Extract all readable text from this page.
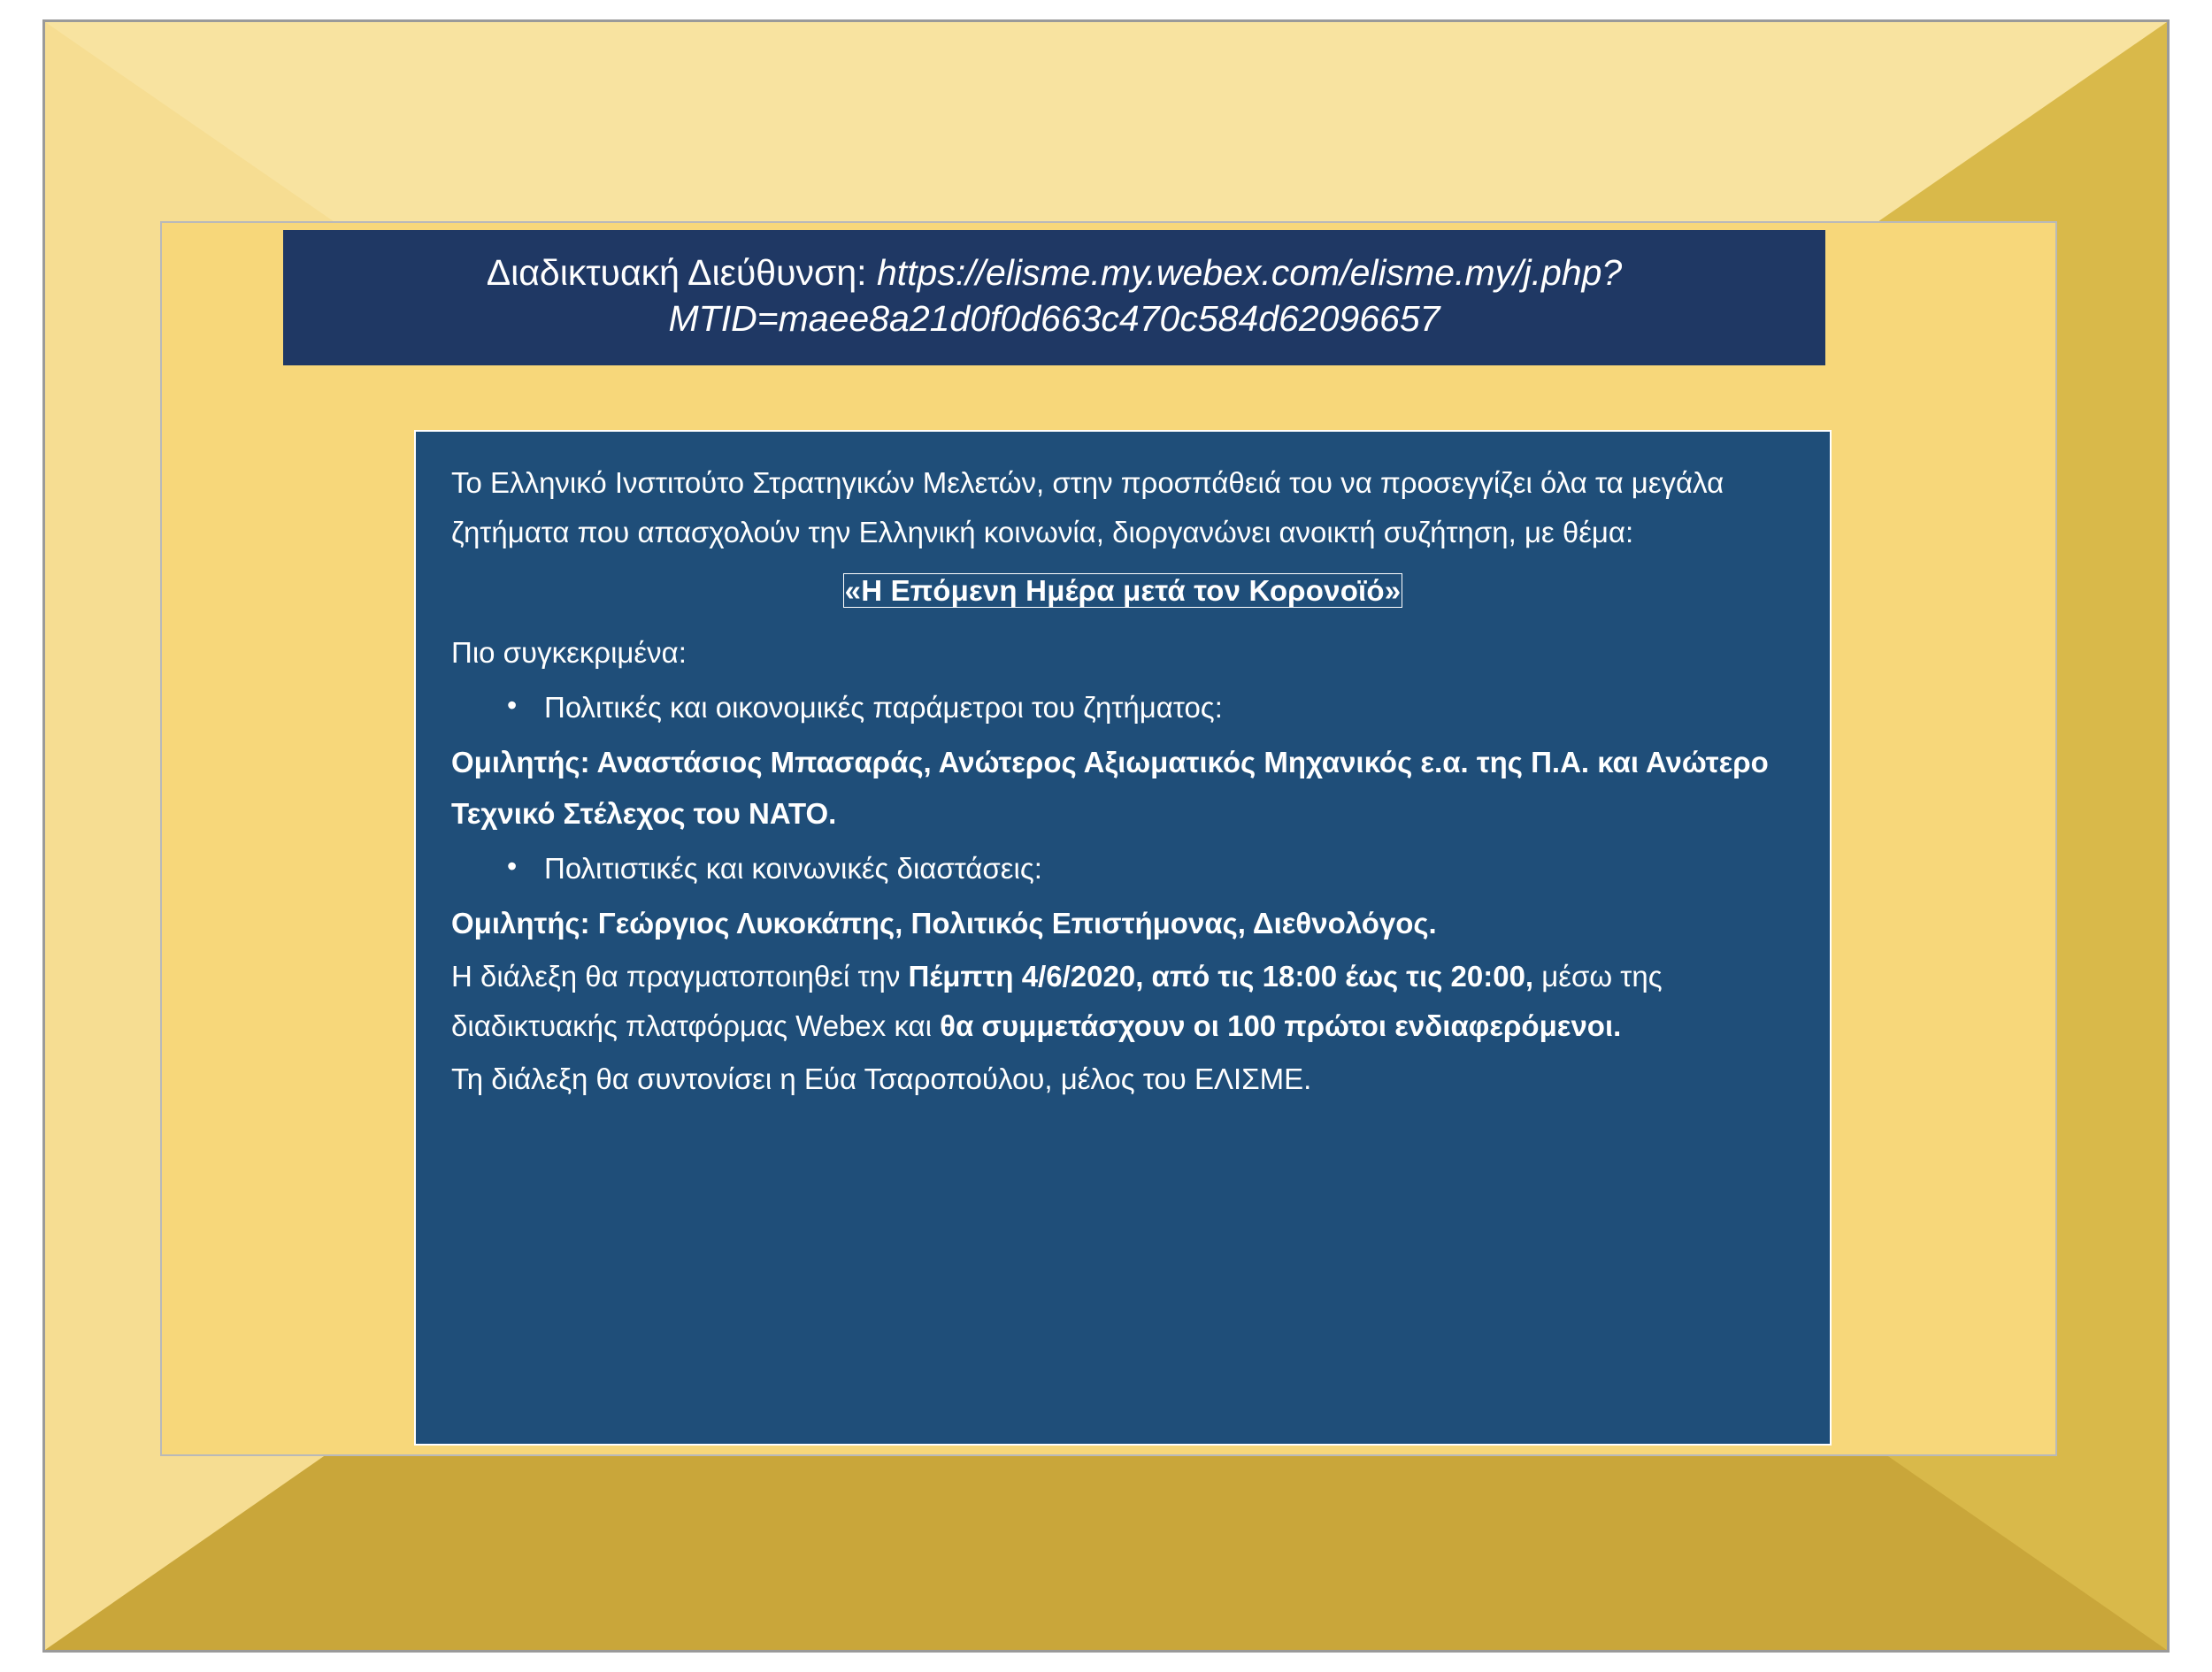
Διαδικτυακή Διεύθυνση: https://elisme.my.webex.com/elisme.my/j.php?MTID=maee8a21d0f0d663c470c584d62096657

Το Ελληνικό Ινστιτούτο Στρατηγικών Μελετών, στην προσπάθειά του να προσεγγίζει όλα τα μεγάλα ζητήματα που απασχολούν την Ελληνική κοινωνία, διοργανώνει ανοικτή συζήτηση, με θέμα:

«Η Επόμενη Ημέρα μετά τον Κορονοϊό»

Πιο συγκεκριμένα:

• Πολιτικές και οικονομικές παράμετροι του ζητήματος:

Ομιλητής: Αναστάσιος Μπασαράς, Ανώτερος Αξιωματικός Μηχανικός ε.α. της Π.Α. και Ανώτερο Τεχνικό Στέλεχος του ΝΑΤΟ.

• Πολιτιστικές και κοινωνικές διαστάσεις:

Ομιλητής: Γεώργιος Λυκοκάπης, Πολιτικός Επιστήμονας, Διεθνολόγος.

Η διάλεξη θα πραγματοποιηθεί την Πέμπτη 4/6/2020, από τις 18:00 έως τις 20:00, μέσω της διαδικτυακής πλατφόρμας Webex και θα συμμετάσχουν οι 100 πρώτοι ενδιαφερόμενοι.

Τη διάλεξη θα συντονίσει η Εύα Τσαροπούλου, μέλος του ΕΛΙΣΜΕ.
